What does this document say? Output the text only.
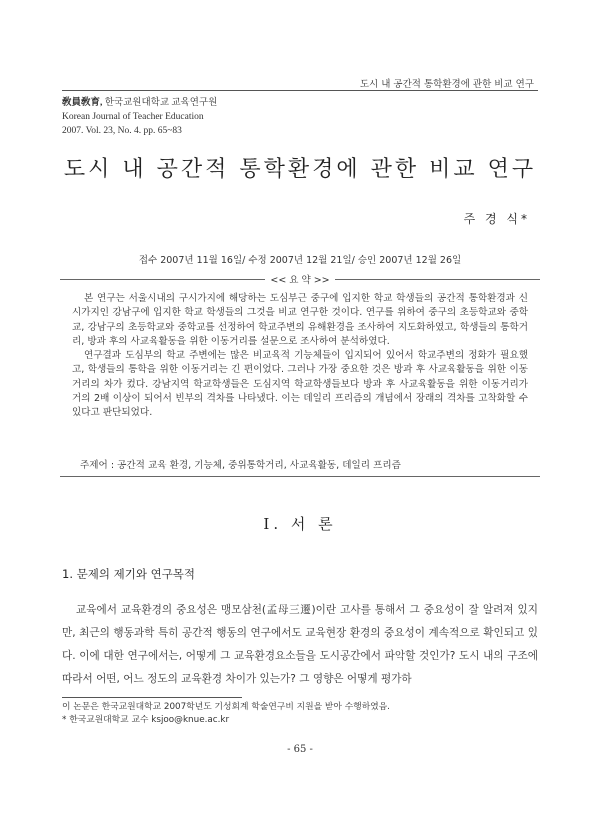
도시 내 공간적 통학환경에 관한 비교 연구
敎員敎育, 한국교원대학교 교육연구원
Korean Journal of Teacher Education
2007. Vol. 23, No. 4. pp. 65~83
도시 내 공간적 통학환경에 관한 비교 연구
주 경 식*
접수 2007년 11월 16일/ 수정 2007년 12월 21일/ 승인 2007년 12월 26일
<< 요 약 >>

본 연구는 서울시내의 구시가지에 해당하는 도심부근 중구에 입지한 학교 학생들의 공간적 통학환경과 신시가지인 강남구에 입지한 학교 학생들의 그것을 비교 연구한 것이다. 연구를 위하여 중구의 초등학교와 중학교, 강남구의 초등학교와 중학교를 선정하여 학교주변의 유해환경을 조사하여 지도화하였고, 학생들의 통학거리, 방과 후의 사교육활동을 위한 이동거리를 설문으로 조사하여 분석하였다.

연구결과 도심부의 학교 주변에는 많은 비교육적 기능체들이 입지되어 있어서 학교주변의 정화가 필요했고, 학생들의 통학을 위한 이동거리는 긴 편이었다. 그러나 가장 중요한 것은 방과 후 사교육활동을 위한 이동거리의 차가 컸다. 강남지역 학교학생들은 도심지역 학교학생들보다 방과 후 사교육활동을 위한 이동거리가 거의 2배 이상이 되어서 빈부의 격차를 나타냈다. 이는 데일리 프리즘의 개념에서 장래의 격차를 고착화할 수 있다고 판단되었다.

주제어 : 공간적 교육 환경, 기능체, 중위통학거리, 사교육활동, 데일리 프리즘
I. 서 론
1. 문제의 제기와 연구목적

교육에서 교육환경의 중요성은 맹모삼천(孟母三遷)이란 고사를 통해서 그 중요성이 잘 알려져 있지만, 최근의 행동과학 특히 공간적 행동의 연구에서도 교육현장 환경의 중요성이 계속적으로 확인되고 있다. 이에 대한 연구에서는, 어떻게 그 교육환경요소들을 도시공간에서 파악할 것인가? 도시 내의 구조에 따라서 어떤, 어느 정도의 교육환경 차이가 있는가? 그 영향은 어떻게 평가하

이 논문은 한국교원대학교 2007학년도 기성회계 학술연구비 지원을 받아 수행하였음.
* 한국교원대학교 교수 ksjoo@knue.ac.kr
- 65 -
